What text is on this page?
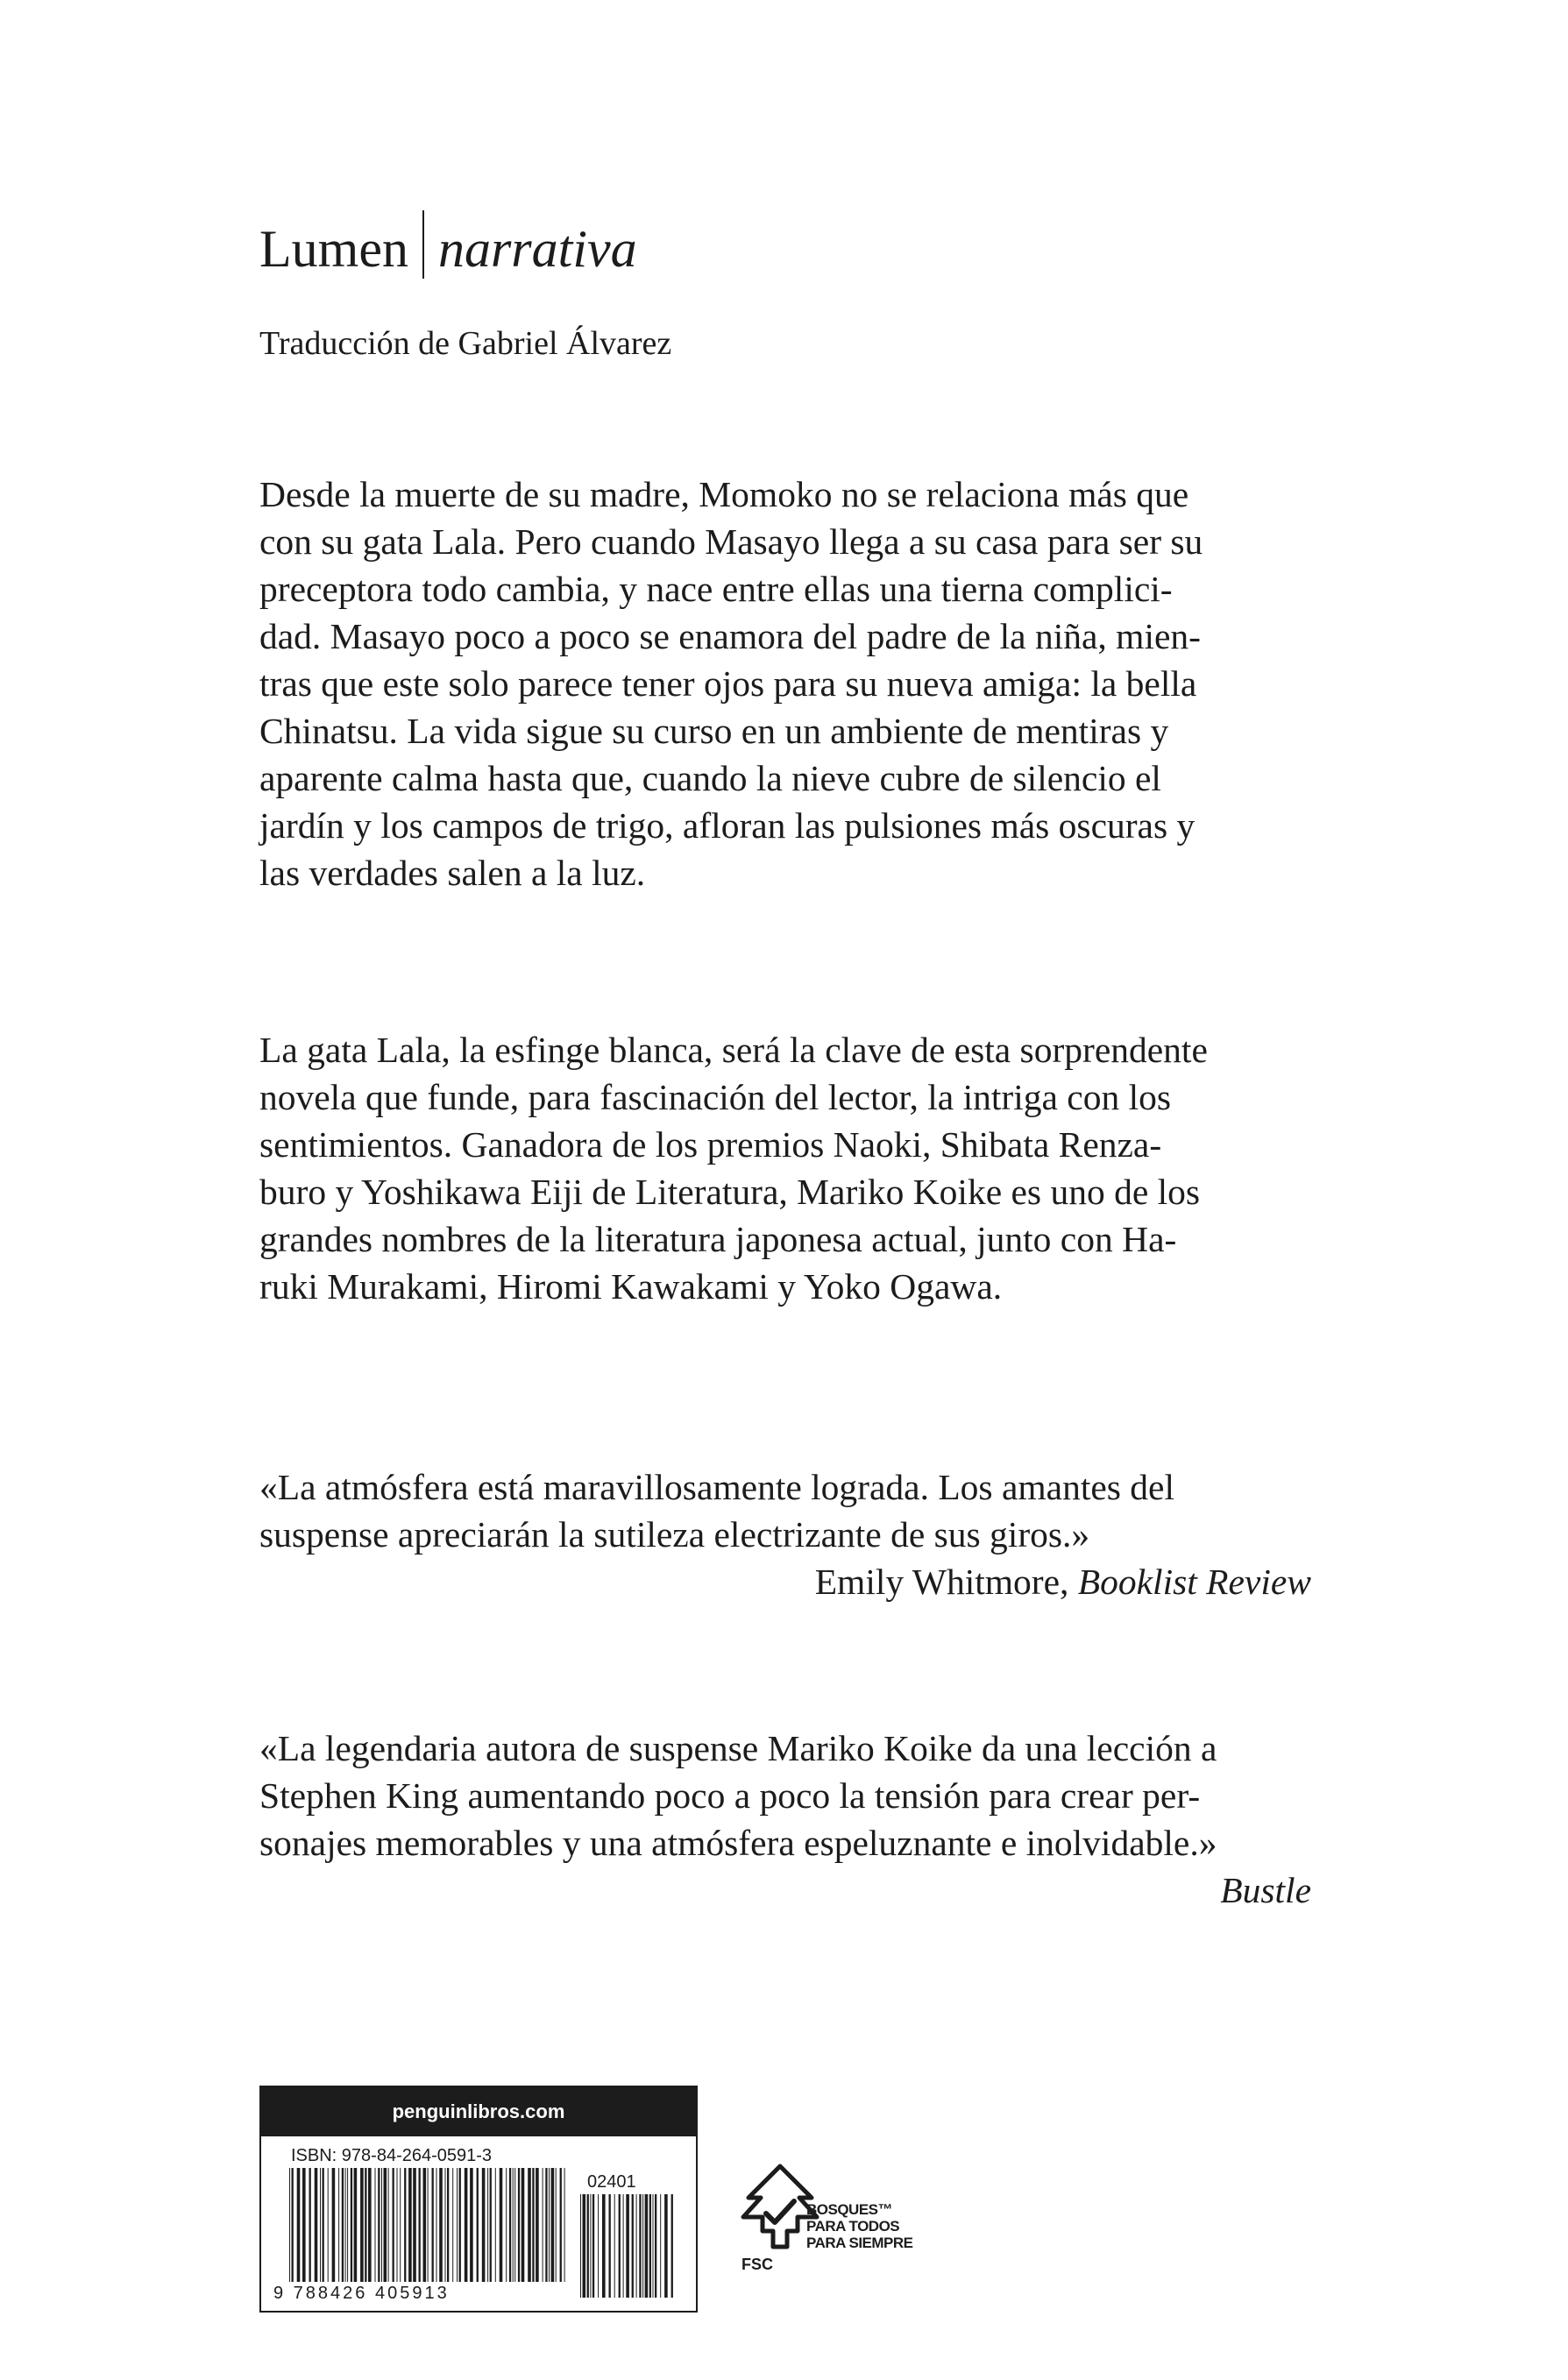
Lumen narrativa
Traducción de Gabriel Álvarez
Desde la muerte de su madre, Momoko no se relaciona más que
con su gata Lala. Pero cuando Masayo llega a su casa para ser su
preceptora todo cambia, y nace entre ellas una tierna complici-
dad. Masayo poco a poco se enamora del padre de la niña, mien-
tras que este solo parece tener ojos para su nueva amiga: la bella
Chinatsu. La vida sigue su curso en un ambiente de mentiras y
aparente calma hasta que, cuando la nieve cubre de silencio el
jardín y los campos de trigo, afloran las pulsiones más oscuras y
las verdades salen a la luz.
La gata Lala, la esfinge blanca, será la clave de esta sorprendente
novela que funde, para fascinación del lector, la intriga con los
sentimientos. Ganadora de los premios Naoki, Shibata Renza-
buro y Yoshikawa Eiji de Literatura, Mariko Koike es uno de los
grandes nombres de la literatura japonesa actual, junto con Ha-
ruki Murakami, Hiromi Kawakami y Yoko Ogawa.
«La atmósfera está maravillosamente lograda. Los amantes del
suspense apreciarán la sutileza electrizante de sus giros.»
Emily Whitmore, Booklist Review
«La legendaria autora de suspense Mariko Koike da una lección a
Stephen King aumentando poco a poco la tensión para crear per-
sonajes memorables y una atmósfera espeluznante e inolvidable.»
Bustle
penguinlibros.com
ISBN: 978-84-264-0591-3
02401
9 788426 405913
FSC
BOSQUES™
PARA TODOS
PARA SIEMPRE
